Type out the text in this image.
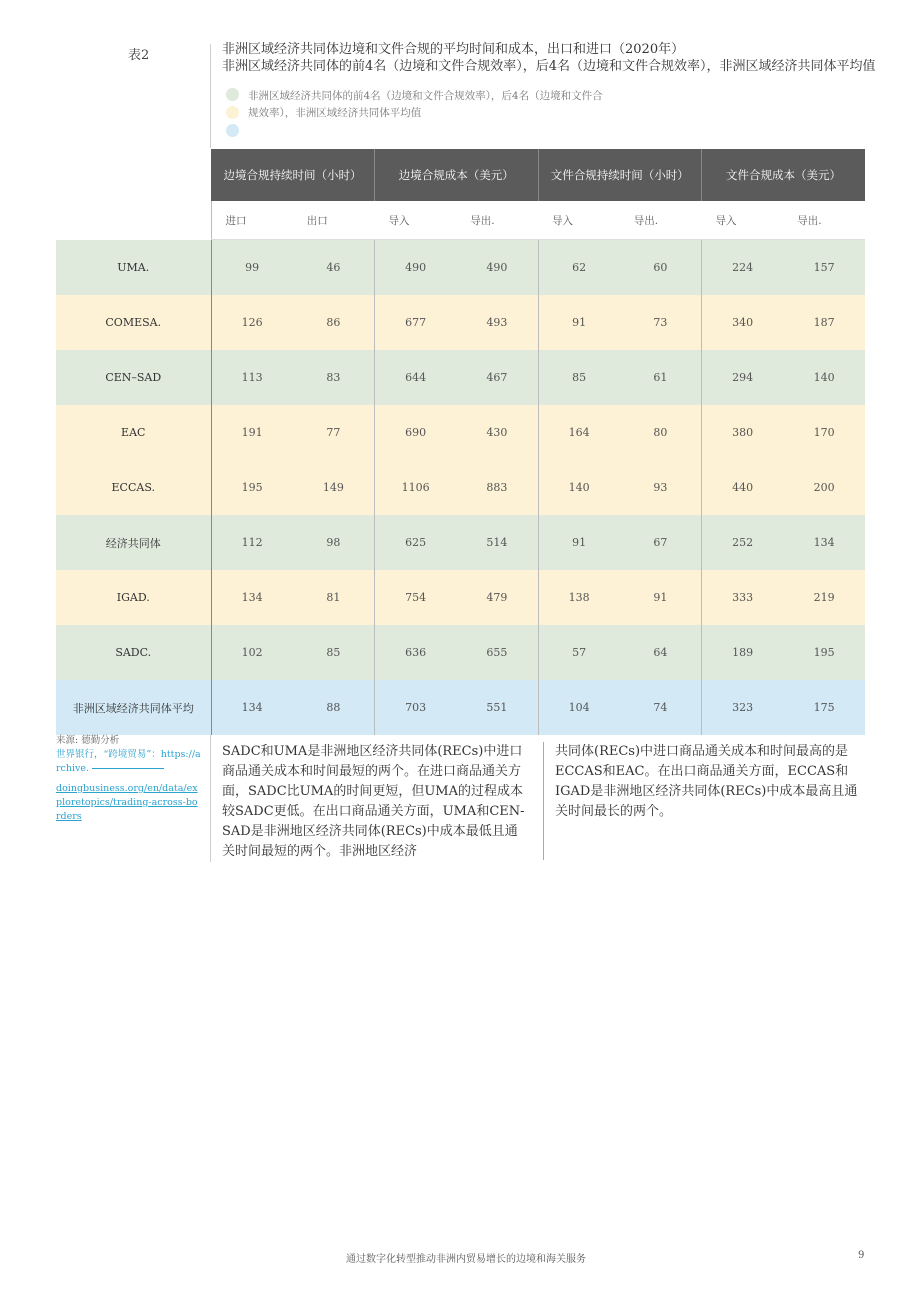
表2	非洲区域经济共同体边境和文件合规的平均时间和成本，出口和进口（2020年）
非洲区域经济共同体的前4名（边境和文件合规效率），后4名（边境和文件合规效率），非洲区域经济共同体平均值
非洲区域经济共同体的前4名（边境和文件合规效率），后4名（边境和文件合规效率），非洲区域经济共同体平均值
	边境合规持续时间（小时）		边境合规成本（美元）		文件合规持续时间（小时）		文件合规成本（美元）	
	进口	出口	导入	导出.	导入	导出.	导入	导出.
UMA.	99	46	490	490	62	60	224	157
COMESA.	126	86	677	493	91	73	340	187
CEN–SAD	113	83	644	467	85	61	294	140
EAC	191	77	690	430	164	80	380	170
ECCAS.	195	149	1106	883	140	93	440	200
经济共同体	112	98	625	514	91	67	252	134
IGAD.	134	81	754	479	138	91	333	219
SADC.	102	85	636	655	57	64	189	195
非洲区域经济共同体平均	134	88	703	551	104	74	323	175
来源: 德勤分析
世界银行，“跨境贸易”：https://archive.
doingbusiness.org/en/data/exploretopics/trading-across-borders
SADC和UMA是非洲地区经济共同体(RECs)中进口商品通关成本和时间最短的两个。在进口商品通关方面，SADC比UMA的时间更短，但UMA的过程成本较SADC更低。在出口商品通关方面，UMA和CEN-SAD是非洲地区经济共同体(RECs)中成本最低且通关时间最短的两个。非洲地区经济
共同体(RECs)中进口商品通关成本和时间最高的是ECCAS和EAC。在出口商品通关方面，ECCAS和IGAD是非洲地区经济共同体(RECs)中成本最高且通关时间最长的两个。
通过数字化转型推动非洲内贸易增长的边境和海关服务	9
